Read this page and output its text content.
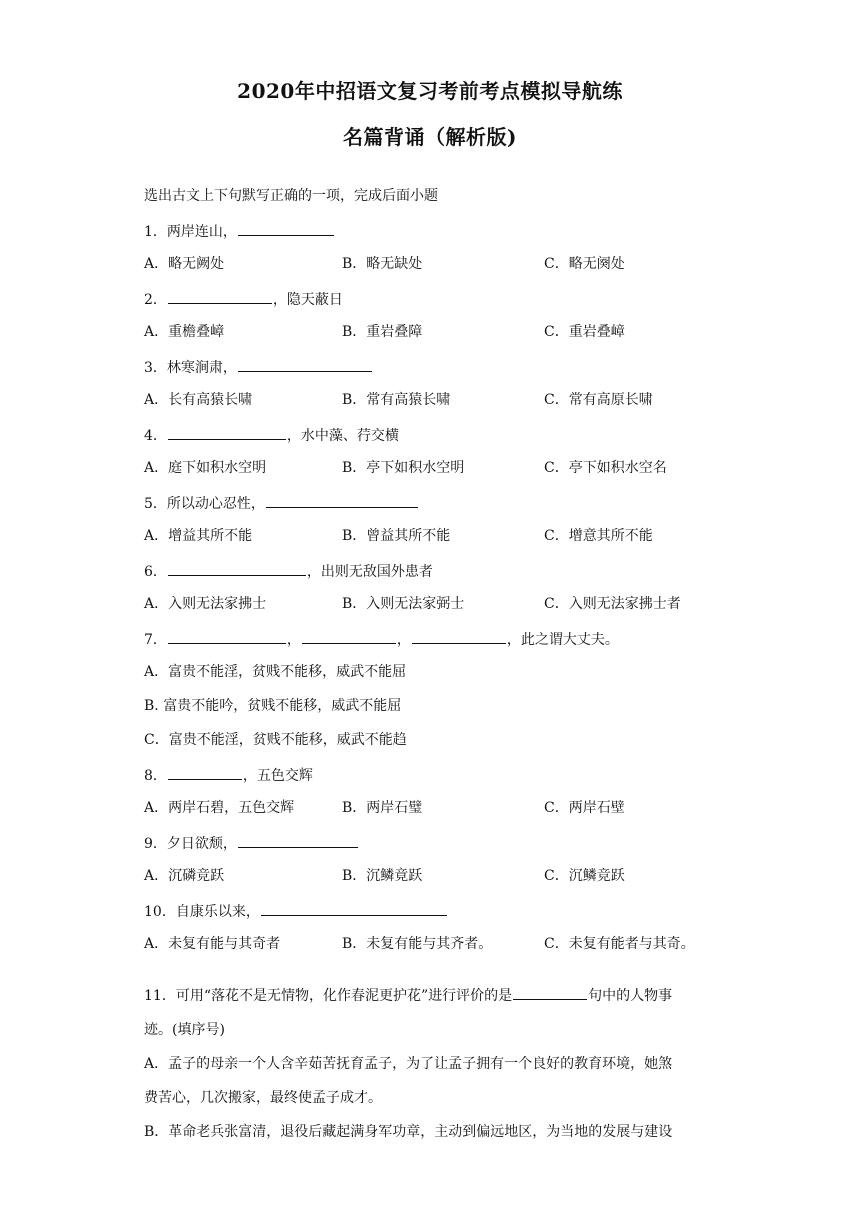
2020年中招语文复习考前考点模拟导航练
名篇背诵（解析版)
选出古文上下句默写正确的一项，完成后面小题
1．两岸连山，
A．略无阙处	B．略无缺处	C．略无阕处
2．	，隐天蔽日
A．重檐叠嶂	B．重岩叠障	C．重岩叠嶂
3．林寒涧肃，
A．长有高猿长啸	B．常有高猿长啸	C．常有高原长啸
4．	，水中藻、荇交横
A．庭下如积水空明	B．亭下如积水空明	C．亭下如积水空名
5．所以动心忍性，
A．增益其所不能	B．曾益其所不能	C．增意其所不能
6．	，出则无敌国外患者
A．入则无法家拂士	B．入则无法家弼士	C．入则无法家拂士者
7．	，	，	，此之谓大丈夫。
A．富贵不能淫，贫贱不能移，威武不能屈
B. 富贵不能吟，贫贱不能移，威武不能屈
C．富贵不能淫，贫贱不能移，威武不能趋
8．	，五色交辉
A．两岸石碧，五色交辉	B．两岸石璧	C．两岸石壁
9．夕日欲颓，
A．沉磷竞跃	B．沉鳞竟跃	C．沉鳞竞跃
10．自康乐以来，
A．未复有能与其奇者	B．未复有能与其齐者。	C．未复有能者与其奇。
11．可用“落花不是无情物，化作春泥更护花”进行评价的是	句中的人物事
迹。(填序号)
A．孟子的母亲一个人含辛茹苦抚育孟子，为了让孟子拥有一个良好的教育环境，她煞
费苦心，几次搬家，最终使孟子成才。
B．革命老兵张富清，退役后藏起满身军功章，主动到偏远地区，为当地的发展与建设
